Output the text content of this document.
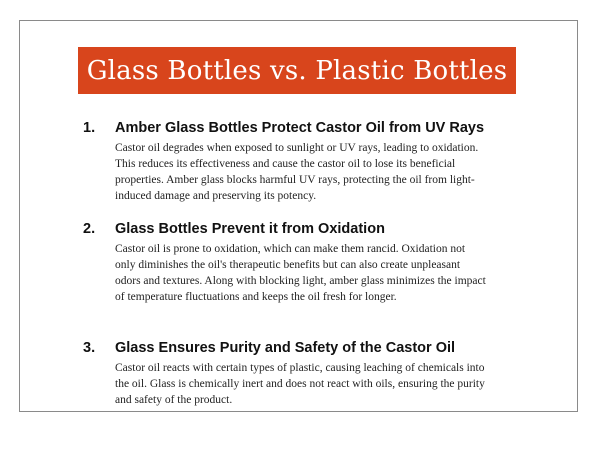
Glass Bottles vs. Plastic Bottles
1.	Amber Glass Bottles Protect Castor Oil from UV Rays
Castor oil degrades when exposed to sunlight or UV rays, leading to oxidation. This reduces its effectiveness and cause the castor oil to lose its beneficial properties. Amber glass blocks harmful UV rays, protecting the oil from light-induced damage and preserving its potency.
2.	Glass Bottles Prevent it from Oxidation
Castor oil is prone to oxidation, which can make them rancid. Oxidation not only diminishes the oil's therapeutic benefits but can also create unpleasant odors and textures. Along with blocking light, amber glass minimizes the impact of temperature fluctuations and keeps the oil fresh for longer.
3.	Glass Ensures Purity and Safety of the Castor Oil
Castor oil reacts with certain types of plastic, causing leaching of chemicals into the oil. Glass is chemically inert and does not react with oils, ensuring the purity and safety of the product.
